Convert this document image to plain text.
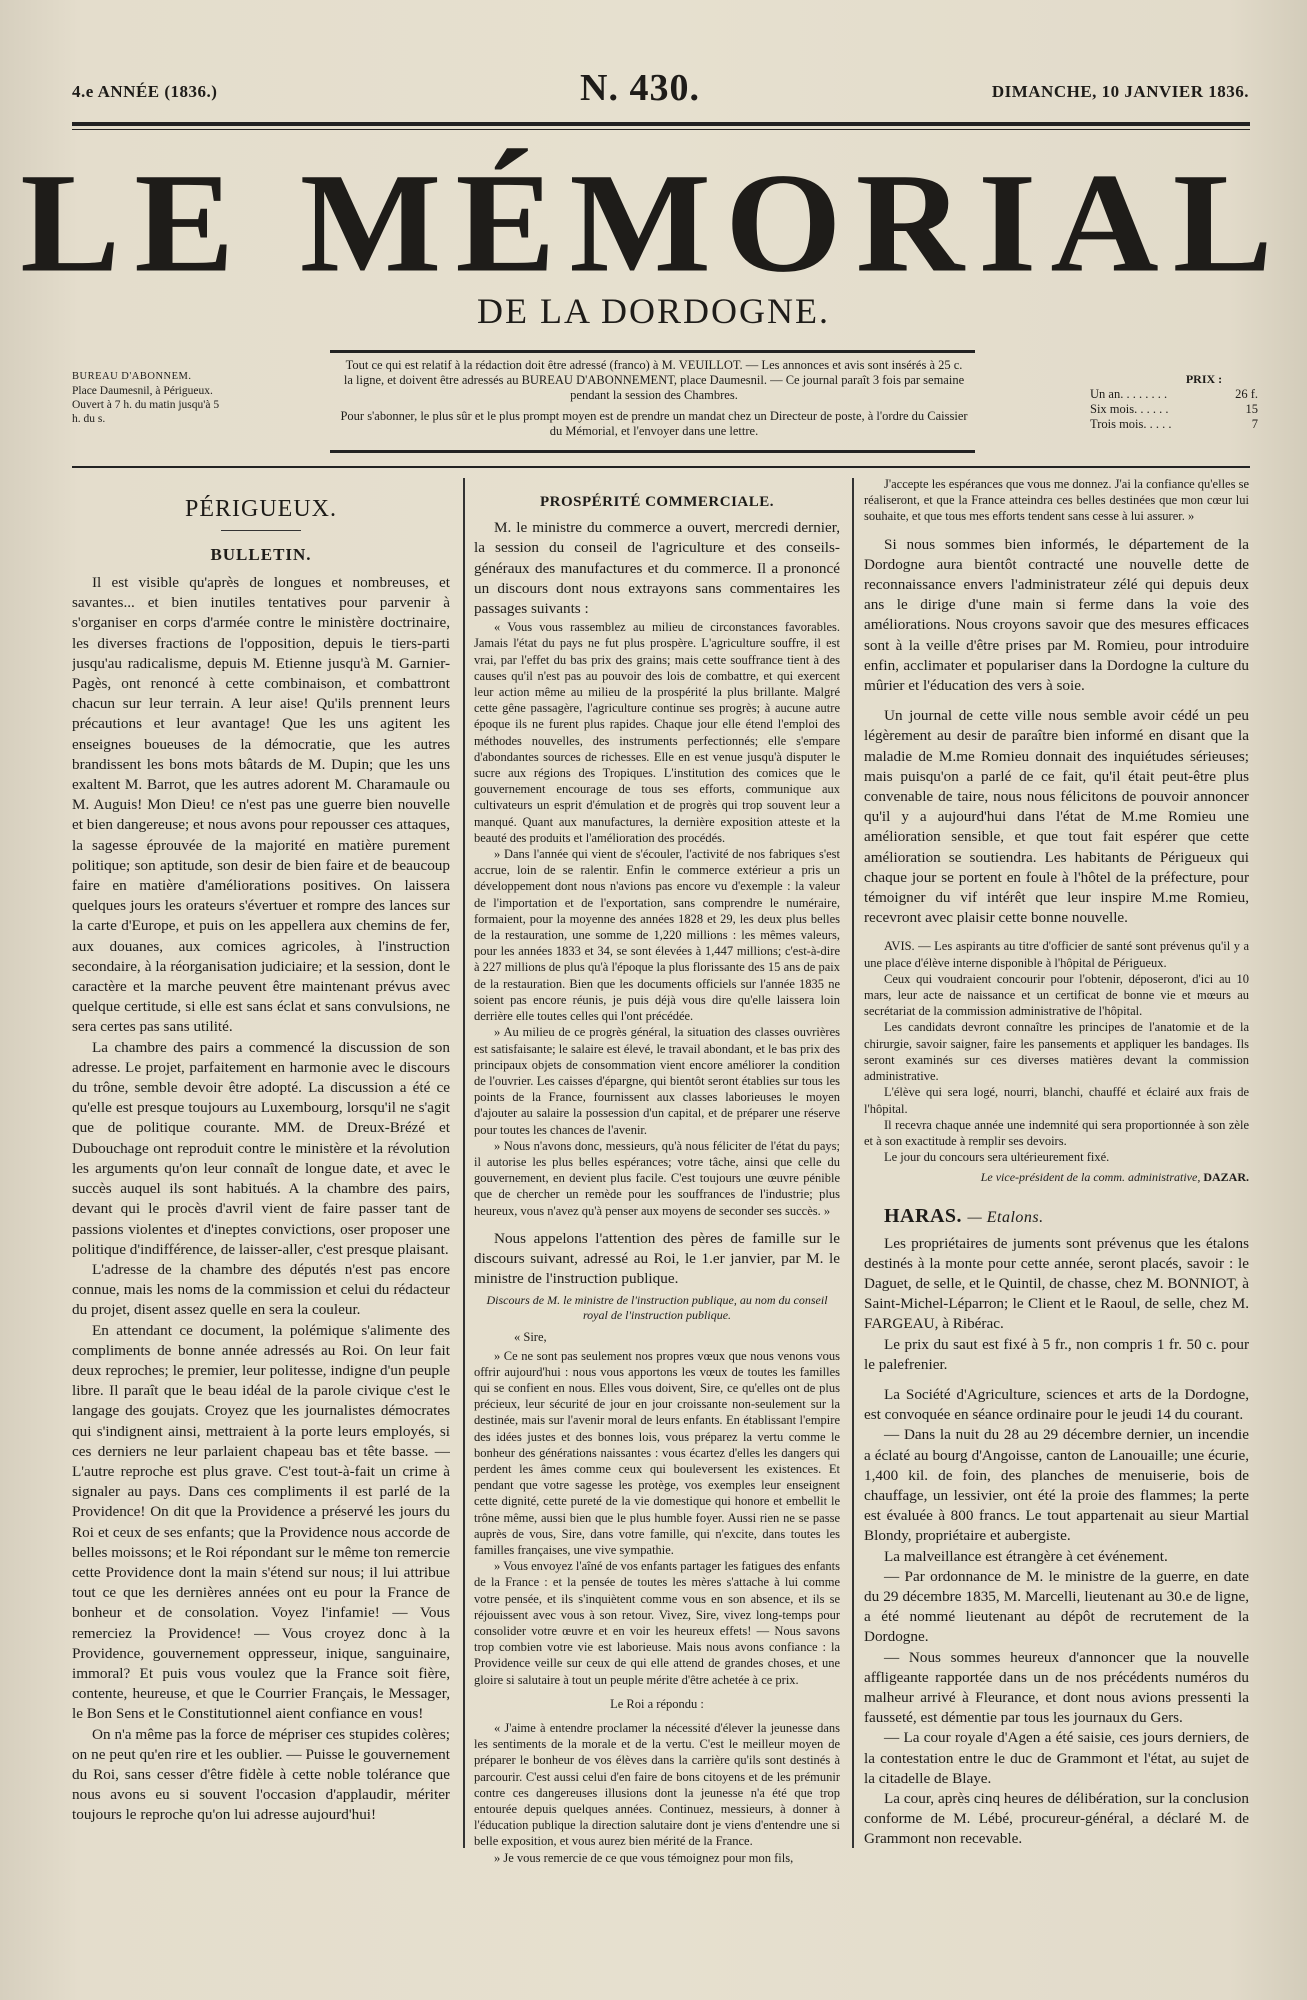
4.e ANNÉE (1836.)	N. 430.	DIMANCHE, 10 JANVIER 1836.
LE MÉMORIAL
DE LA DORDOGNE.

Tout ce qui est relatif à la rédaction doit être adressé (franco) à M. VEUILLOT. — Les annonces et avis sont insérés à 25 c. la ligne, et doivent être adressés au BUREAU D'ABONNEMENT, place Daumesnil. — Ce journal paraît 3 fois par semaine pendant la session des Chambres.

Pour s'abonner, le plus sûr et le plus prompt moyen est de prendre un mandat chez un Directeur de poste, à l'ordre du Caissier du Mémorial, et l'envoyer dans une lettre.

BUREAU D'ABONNEM.
Place Daumesnil, à Périgueux. Ouvert à 7 h. du matin jusqu'à 5 h. du s.
PRIX :
Un an. . . . . . . .	26 f.
Six mois. . . . . .	15
Trois mois. . . . .	7
PÉRIGUEUX.
BULLETIN.

Il est visible qu'après de longues et nombreuses, et savantes... et bien inutiles tentatives pour parvenir à s'organiser en corps d'armée contre le ministère doctrinaire, les diverses fractions de l'opposition, depuis le tiers-parti jusqu'au radicalisme, depuis M. Etienne jusqu'à M. Garnier-Pagès, ont renoncé à cette combinaison, et combattront chacun sur leur terrain. A leur aise! Qu'ils prennent leurs précautions et leur avantage! Que les uns agitent les enseignes boueuses de la démocratie, que les autres brandissent les bons mots bâtards de M. Dupin; que les uns exaltent M. Barrot, que les autres adorent M. Charamaule ou M. Auguis! Mon Dieu! ce n'est pas une guerre bien nouvelle et bien dangereuse; et nous avons pour repousser ces attaques, la sagesse éprouvée de la majorité en matière purement politique; son aptitude, son desir de bien faire et de beaucoup faire en matière d'améliorations positives. On laissera quelques jours les orateurs s'évertuer et rompre des lances sur la carte d'Europe, et puis on les appellera aux chemins de fer, aux douanes, aux comices agricoles, à l'instruction secondaire, à la réorganisation judiciaire; et la session, dont le caractère et la marche peuvent être maintenant prévus avec quelque certitude, si elle est sans éclat et sans convulsions, ne sera certes pas sans utilité.

La chambre des pairs a commencé la discussion de son adresse. Le projet, parfaitement en harmonie avec le discours du trône, semble devoir être adopté. La discussion a été ce qu'elle est presque toujours au Luxembourg, lorsqu'il ne s'agit que de politique courante. MM. de Dreux-Brézé et Dubouchage ont reproduit contre le ministère et la révolution les arguments qu'on leur connaît de longue date, et avec le succès auquel ils sont habitués. A la chambre des pairs, devant qui le procès d'avril vient de faire passer tant de passions violentes et d'ineptes convictions, oser proposer une politique d'indifférence, de laisser-aller, c'est presque plaisant.

L'adresse de la chambre des députés n'est pas encore connue, mais les noms de la commission et celui du rédacteur du projet, disent assez quelle en sera la couleur.

En attendant ce document, la polémique s'alimente des compliments de bonne année adressés au Roi. On leur fait deux reproches; le premier, leur politesse, indigne d'un peuple libre. Il paraît que le beau idéal de la parole civique c'est le langage des goujats. Croyez que les journalistes démocrates qui s'indignent ainsi, mettraient à la porte leurs employés, si ces derniers ne leur parlaient chapeau bas et tête basse. — L'autre reproche est plus grave. C'est tout-à-fait un crime à signaler au pays. Dans ces compliments il est parlé de la Providence! On dit que la Providence a préservé les jours du Roi et ceux de ses enfants; que la Providence nous accorde de belles moissons; et le Roi répondant sur le même ton remercie cette Providence dont la main s'étend sur nous; il lui attribue tout ce que les dernières années ont eu pour la France de bonheur et de consolation. Voyez l'infamie! — Vous remerciez la Providence! — Vous croyez donc à la Providence, gouvernement oppresseur, inique, sanguinaire, immoral? Et puis vous voulez que la France soit fière, contente, heureuse, et que le Courrier Français, le Messager, le Bon Sens et le Constitutionnel aient confiance en vous!

On n'a même pas la force de mépriser ces stupides colères; on ne peut qu'en rire et les oublier. — Puisse le gouvernement du Roi, sans cesser d'être fidèle à cette noble tolérance que nous avons eu si souvent l'occasion d'applaudir, mériter toujours le reproche qu'on lui adresse aujourd'hui!

PROSPÉRITÉ COMMERCIALE.

M. le ministre du commerce a ouvert, mercredi dernier, la session du conseil de l'agriculture et des conseils-généraux des manufactures et du commerce. Il a prononcé un discours dont nous extrayons sans commentaires les passages suivants :

« Vous vous rassemblez au milieu de circonstances favorables. Jamais l'état du pays ne fut plus prospère. L'agriculture souffre, il est vrai, par l'effet du bas prix des grains; mais cette souffrance tient à des causes qu'il n'est pas au pouvoir des lois de combattre, et qui exercent leur action même au milieu de la prospérité la plus brillante. Malgré cette gêne passagère, l'agriculture continue ses progrès; à aucune autre époque ils ne furent plus rapides. Chaque jour elle étend l'emploi des méthodes nouvelles, des instruments perfectionnés; elle s'empare d'abondantes sources de richesses. Elle en est venue jusqu'à disputer le sucre aux régions des Tropiques. L'institution des comices que le gouvernement encourage de tous ses efforts, communique aux cultivateurs un esprit d'émulation et de progrès qui trop souvent leur a manqué. Quant aux manufactures, la dernière exposition atteste et la beauté des produits et l'amélioration des procédés.

» Dans l'année qui vient de s'écouler, l'activité de nos fabriques s'est accrue, loin de se ralentir. Enfin le commerce extérieur a pris un développement dont nous n'avions pas encore vu d'exemple : la valeur de l'importation et de l'exportation, sans comprendre le numéraire, formaient, pour la moyenne des années 1828 et 29, les deux plus belles de la restauration, une somme de 1,220 millions : les mêmes valeurs, pour les années 1833 et 34, se sont élevées à 1,447 millions; c'est-à-dire à 227 millions de plus qu'à l'époque la plus florissante des 15 ans de paix de la restauration. Bien que les documents officiels sur l'année 1835 ne soient pas encore réunis, je puis déjà vous dire qu'elle laissera loin derrière elle toutes celles qui l'ont précédée.

» Au milieu de ce progrès général, la situation des classes ouvrières est satisfaisante; le salaire est élevé, le travail abondant, et le bas prix des principaux objets de consommation vient encore améliorer la condition de l'ouvrier. Les caisses d'épargne, qui bientôt seront établies sur tous les points de la France, fournissent aux classes laborieuses le moyen d'ajouter au salaire la possession d'un capital, et de préparer une réserve pour toutes les chances de l'avenir.

» Nous n'avons donc, messieurs, qu'à nous féliciter de l'état du pays; il autorise les plus belles espérances; votre tâche, ainsi que celle du gouvernement, en devient plus facile. C'est toujours une œuvre pénible que de chercher un remède pour les souffrances de l'industrie; plus heureux, vous n'avez qu'à penser aux moyens de seconder ses succès. »

Nous appelons l'attention des pères de famille sur le discours suivant, adressé au Roi, le 1.er janvier, par M. le ministre de l'instruction publique.

Discours de M. le ministre de l'instruction publique, au nom du conseil royal de l'instruction publique.
« Sire,

» Ce ne sont pas seulement nos propres vœux que nous venons vous offrir aujourd'hui : nous vous apportons les vœux de toutes les familles qui se confient en nous. Elles vous doivent, Sire, ce qu'elles ont de plus précieux, leur sécurité de jour en jour croissante non-seulement sur la destinée, mais sur l'avenir moral de leurs enfants. En établissant l'empire des idées justes et des bonnes lois, vous préparez la vertu comme le bonheur des générations naissantes : vous écartez d'elles les dangers qui perdent les âmes comme ceux qui bouleversent les existences. Et pendant que votre sagesse les protège, vos exemples leur enseignent cette dignité, cette pureté de la vie domestique qui honore et embellit le trône même, aussi bien que le plus humble foyer. Aussi rien ne se passe auprès de vous, Sire, dans votre famille, qui n'excite, dans toutes les familles françaises, une vive sympathie.

» Vous envoyez l'aîné de vos enfants partager les fatigues des enfants de la France : et la pensée de toutes les mères s'attache à lui comme votre pensée, et ils s'inquiètent comme vous en son absence, et ils se réjouissent avec vous à son retour. Vivez, Sire, vivez long-temps pour consolider votre œuvre et en voir les heureux effets! — Nous savons trop combien votre vie est laborieuse. Mais nous avons confiance : la Providence veille sur ceux de qui elle attend de grandes choses, et une gloire si salutaire à tout un peuple mérite d'être achetée à ce prix.

Le Roi a répondu :

« J'aime à entendre proclamer la nécessité d'élever la jeunesse dans les sentiments de la morale et de la vertu. C'est le meilleur moyen de préparer le bonheur de vos élèves dans la carrière qu'ils sont destinés à parcourir. C'est aussi celui d'en faire de bons citoyens et de les prémunir contre ces dangereuses illusions dont la jeunesse n'a été que trop entourée depuis quelques années. Continuez, messieurs, à donner à l'éducation publique la direction salutaire dont je viens d'entendre une si belle exposition, et vous aurez bien mérité de la France.

» Je vous remercie de ce que vous témoignez pour mon fils,

J'accepte les espérances que vous me donnez. J'ai la confiance qu'elles se réaliseront, et que la France atteindra ces belles destinées que mon cœur lui souhaite, et que tous mes efforts tendent sans cesse à lui assurer. »

Si nous sommes bien informés, le département de la Dordogne aura bientôt contracté une nouvelle dette de reconnaissance envers l'administrateur zélé qui depuis deux ans le dirige d'une main si ferme dans la voie des améliorations. Nous croyons savoir que des mesures efficaces sont à la veille d'être prises par M. Romieu, pour introduire enfin, acclimater et populariser dans la Dordogne la culture du mûrier et l'éducation des vers à soie.

Un journal de cette ville nous semble avoir cédé un peu légèrement au desir de paraître bien informé en disant que la maladie de M.me Romieu donnait des inquiétudes sérieuses; mais puisqu'on a parlé de ce fait, qu'il était peut-être plus convenable de taire, nous nous félicitons de pouvoir annoncer qu'il y a aujourd'hui dans l'état de M.me Romieu une amélioration sensible, et que tout fait espérer que cette amélioration se soutiendra. Les habitants de Périgueux qui chaque jour se portent en foule à l'hôtel de la préfecture, pour témoigner du vif intérêt que leur inspire M.me Romieu, recevront avec plaisir cette bonne nouvelle.

AVIS. — Les aspirants au titre d'officier de santé sont prévenus qu'il y a une place d'élève interne disponible à l'hôpital de Périgueux.

Ceux qui voudraient concourir pour l'obtenir, déposeront, d'ici au 10 mars, leur acte de naissance et un certificat de bonne vie et mœurs au secrétariat de la commission administrative de l'hôpital.

Les candidats devront connaître les principes de l'anatomie et de la chirurgie, savoir saigner, faire les pansements et appliquer les bandages. Ils seront examinés sur ces diverses matières devant la commission administrative.

L'élève qui sera logé, nourri, blanchi, chauffé et éclairé aux frais de l'hôpital.

Il recevra chaque année une indemnité qui sera proportionnée à son zèle et à son exactitude à remplir ses devoirs.

Le jour du concours sera ultérieurement fixé.

Le vice-président de la comm. administrative, DAZAR.
HARAS. — Etalons.

Les propriétaires de juments sont prévenus que les étalons destinés à la monte pour cette année, seront placés, savoir : le Daguet, de selle, et le Quintil, de chasse, chez M. BONNIOT, à Saint-Michel-Léparron; le Client et le Raoul, de selle, chez M. FARGEAU, à Ribérac.

Le prix du saut est fixé à 5 fr., non compris 1 fr. 50 c. pour le palefrenier.

La Société d'Agriculture, sciences et arts de la Dordogne, est convoquée en séance ordinaire pour le jeudi 14 du courant.

— Dans la nuit du 28 au 29 décembre dernier, un incendie a éclaté au bourg d'Angoisse, canton de Lanouaille; une écurie, 1,400 kil. de foin, des planches de menuiserie, bois de chauffage, un lessivier, ont été la proie des flammes; la perte est évaluée à 800 francs. Le tout appartenait au sieur Martial Blondy, propriétaire et aubergiste.

La malveillance est étrangère à cet événement.

— Par ordonnance de M. le ministre de la guerre, en date du 29 décembre 1835, M. Marcelli, lieutenant au 30.e de ligne, a été nommé lieutenant au dépôt de recrutement de la Dordogne.

— Nous sommes heureux d'annoncer que la nouvelle affligeante rapportée dans un de nos précédents numéros du malheur arrivé à Fleurance, et dont nous avions pressenti la fausseté, est démentie par tous les journaux du Gers.

— La cour royale d'Agen a été saisie, ces jours derniers, de la contestation entre le duc de Grammont et l'état, au sujet de la citadelle de Blaye.

La cour, après cinq heures de délibération, sur la conclusion conforme de M. Lébé, procureur-général, a déclaré M. de Grammont non recevable.
